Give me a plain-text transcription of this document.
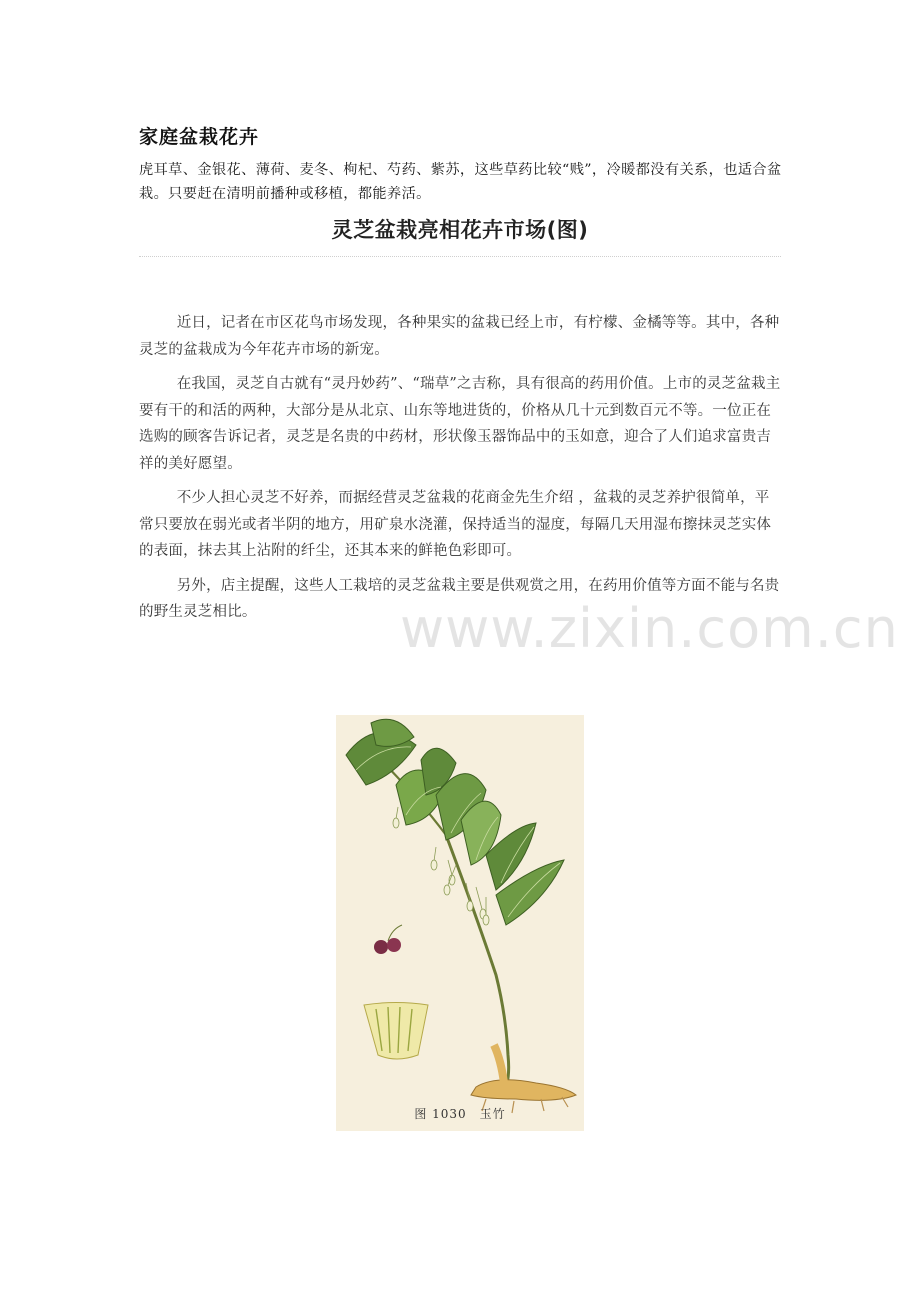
家庭盆栽花卉

虎耳草、金银花、薄荷、麦冬、枸杞、芍药、紫苏，这些草药比较“贱”，冷暖都没有关系，也适合盆栽。只要赶在清明前播种或移植，都能养活。

灵芝盆栽亮相花卉市场(图)

近日，记者在市区花鸟市场发现，各种果实的盆栽已经上市，有柠檬、金橘等等。其中，各种灵芝的盆栽成为今年花卉市场的新宠。

在我国，灵芝自古就有“灵丹妙药”、“瑞草”之吉称，具有很高的药用价值。上市的灵芝盆栽主要有干的和活的两种，大部分是从北京、山东等地进货的，价格从几十元到数百元不等。一位正在选购的顾客告诉记者，灵芝是名贵的中药材，形状像玉器饰品中的玉如意，迎合了人们追求富贵吉祥的美好愿望。

不少人担心灵芝不好养，而据经营灵芝盆栽的花商金先生介绍 ，盆栽的灵芝养护很简单，平常只要放在弱光或者半阴的地方，用矿泉水浇灌，保持适当的湿度，每隔几天用湿布擦抹灵芝实体的表面，抹去其上沾附的纤尘，还其本来的鲜艳色彩即可。

另外，店主提醒，这些人工栽培的灵芝盆栽主要是供观赏之用，在药用价值等方面不能与名贵的野生灵芝相比。	www.zixin.com.cn
图 1030　玉竹
